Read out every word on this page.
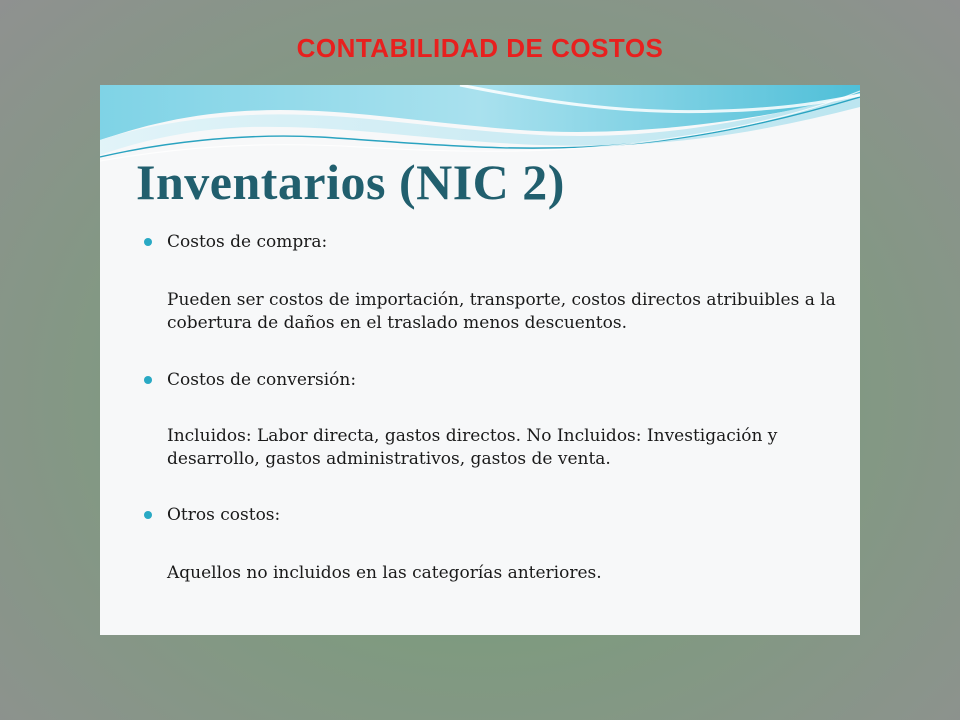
CONTABILIDAD DE COSTOS
Inventarios (NIC 2)
Costos de compra:
Pueden ser costos de importación, transporte, costos directos atribuibles a la cobertura de daños en el traslado menos descuentos.
Costos de conversión:
Incluidos: Labor directa, gastos directos. No Incluidos: Investigación y desarrollo, gastos administrativos, gastos de venta.
Otros costos:
Aquellos no incluidos en las categorías anteriores.
